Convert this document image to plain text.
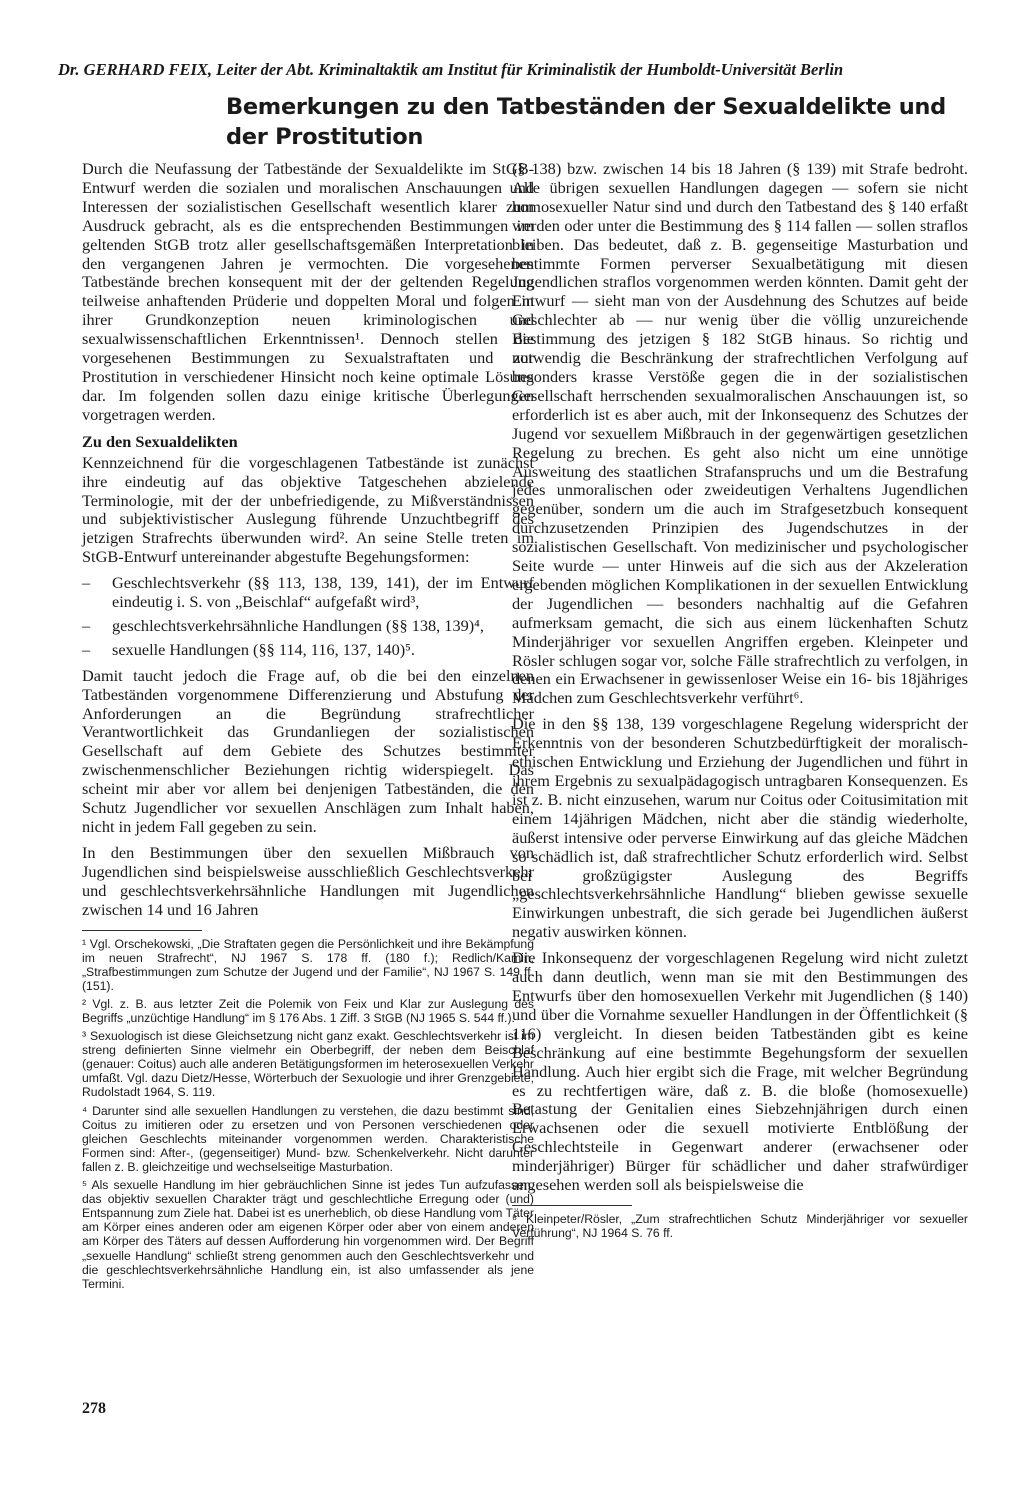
Dr. GERHARD FEIX, Leiter der Abt. Kriminaltaktik am Institut für Kriminalistik der Humboldt-Universität Berlin
Bemerkungen zu den Tatbeständen der Sexualdelikte und der Prostitution

Durch die Neufassung der Tatbestände der Sexualdelikte im StGB-Entwurf werden die sozialen und moralischen Anschauungen und Interessen der sozialistischen Gesellschaft wesentlich klarer zum Ausdruck gebracht, als es die entsprechenden Bestimmungen im geltenden StGB trotz aller gesellschaftsgemäßen Interpretation in den vergangenen Jahren je vermochten. Die vorgesehenen Tatbestände brechen konsequent mit der der geltenden Regelung teilweise anhaftenden Prüderie und doppelten Moral und folgen in ihrer Grundkonzeption neuen kriminologischen und sexualwissenschaftlichen Erkenntnissen¹. Dennoch stellen die vorgesehenen Bestimmungen zu Sexualstraftaten und zur Prostitution in verschiedener Hinsicht noch keine optimale Lösung dar. Im folgenden sollen dazu einige kritische Überlegungen vorgetragen werden.

Zu den Sexualdelikten

Kennzeichnend für die vorgeschlagenen Tatbestände ist zunächst ihre eindeutig auf das objektive Tatgeschehen abzielende Terminologie, mit der der unbefriedigende, zu Mißverständnissen und subjektivistischer Auslegung führende Unzuchtbegriff des jetzigen Strafrechts überwunden wird². An seine Stelle treten im StGB-Entwurf untereinander abgestufte Begehungsformen:

– Geschlechtsverkehr (§§ 113, 138, 139, 141), der im Entwurf eindeutig i. S. von „Beischlaf“ aufgefaßt wird³,
– geschlechtsverkehrsähnliche Handlungen (§§ 138, 139)⁴,
– sexuelle Handlungen (§§ 114, 116, 137, 140)⁵.

Damit taucht jedoch die Frage auf, ob die bei den einzelnen Tatbeständen vorgenommene Differenzierung und Abstufung der Anforderungen an die Begründung strafrechtlicher Verantwortlichkeit das Grundanliegen der sozialistischen Gesellschaft auf dem Gebiete des Schutzes bestimmter zwischenmenschlicher Beziehungen richtig widerspiegelt. Das scheint mir aber vor allem bei denjenigen Tatbeständen, die den Schutz Jugendlicher vor sexuellen Anschlägen zum Inhalt haben, nicht in jedem Fall gegeben zu sein.

In den Bestimmungen über den sexuellen Mißbrauch von Jugendlichen sind beispielsweise ausschließlich Geschlechtsverkehr und geschlechtsverkehrsähnliche Handlungen mit Jugendlichen zwischen 14 und 16 Jahren

¹ Vgl. Orschekowski, „Die Straftaten gegen die Persönlichkeit und ihre Bekämpfung im neuen Strafrecht“, NJ 1967 S. 178 ff. (180 f.); Redlich/Kamin, „Strafbestimmungen zum Schutze der Jugend und der Familie“, NJ 1967 S. 149 ff. (151).

² Vgl. z. B. aus letzter Zeit die Polemik von Feix und Klar zur Auslegung des Begriffs „unzüchtige Handlung“ im § 176 Abs. 1 Ziff. 3 StGB (NJ 1965 S. 544 ff.).

³ Sexuologisch ist diese Gleichsetzung nicht ganz exakt. Geschlechtsverkehr ist im streng definierten Sinne vielmehr ein Oberbegriff, der neben dem Beischlaf (genauer: Coitus) auch alle anderen Betätigungsformen im heterosexuellen Verkehr umfaßt. Vgl. dazu Dietz/Hesse, Wörterbuch der Sexuologie und ihrer Grenzgebiete, Rudolstadt 1964, S. 119.

⁴ Darunter sind alle sexuellen Handlungen zu verstehen, die dazu bestimmt sind, Coitus zu imitieren oder zu ersetzen und von Personen verschiedenen oder gleichen Geschlechts miteinander vorgenommen werden. Charakteristische Formen sind: After-, (gegenseitiger) Mund- bzw. Schenkelverkehr. Nicht darunter fallen z. B. gleichzeitige und wechselseitige Masturbation.

⁵ Als sexuelle Handlung im hier gebräuchlichen Sinne ist jedes Tun aufzufassen, das objektiv sexuellen Charakter trägt und geschlechtliche Erregung oder (und) Entspannung zum Ziele hat. Dabei ist es unerheblich, ob diese Handlung vom Täter am Körper eines anderen oder am eigenen Körper oder aber von einem anderen am Körper des Täters auf dessen Aufforderung hin vorgenommen wird. Der Begriff „sexuelle Handlung“ schließt streng genommen auch den Geschlechtsverkehr und die geschlechtsverkehrsähnliche Handlung ein, ist also umfassender als jene Termini.

(§ 138) bzw. zwischen 14 bis 18 Jahren (§ 139) mit Strafe bedroht. Alle übrigen sexuellen Handlungen dagegen — sofern sie nicht homosexueller Natur sind und durch den Tatbestand des § 140 erfaßt werden oder unter die Bestimmung des § 114 fallen — sollen straflos bleiben. Das bedeutet, daß z. B. gegenseitige Masturbation und bestimmte Formen perverser Sexualbetätigung mit diesen Jugendlichen straflos vorgenommen werden könnten. Damit geht der Entwurf — sieht man von der Ausdehnung des Schutzes auf beide Geschlechter ab — nur wenig über die völlig unzureichende Bestimmung des jetzigen § 182 StGB hinaus. So richtig und notwendig die Beschränkung der strafrechtlichen Verfolgung auf besonders krasse Verstöße gegen die in der sozialistischen Gesellschaft herrschenden sexualmoralischen Anschauungen ist, so erforderlich ist es aber auch, mit der Inkonsequenz des Schutzes der Jugend vor sexuellem Mißbrauch in der gegenwärtigen gesetzlichen Regelung zu brechen. Es geht also nicht um eine unnötige Ausweitung des staatlichen Strafanspruchs und um die Bestrafung jedes unmoralischen oder zweideutigen Verhaltens Jugendlichen gegenüber, sondern um die auch im Strafgesetzbuch konsequent durchzusetzenden Prinzipien des Jugendschutzes in der sozialistischen Gesellschaft. Von medizinischer und psychologischer Seite wurde — unter Hinweis auf die sich aus der Akzeleration ergebenden möglichen Komplikationen in der sexuellen Entwicklung der Jugendlichen — besonders nachhaltig auf die Gefahren aufmerksam gemacht, die sich aus einem lückenhaften Schutz Minderjähriger vor sexuellen Angriffen ergeben. Kleinpeter und Rösler schlugen sogar vor, solche Fälle strafrechtlich zu verfolgen, in denen ein Erwachsener in gewissenloser Weise ein 16- bis 18jähriges Mädchen zum Geschlechtsverkehr verführt⁶.

Die in den §§ 138, 139 vorgeschlagene Regelung widerspricht der Erkenntnis von der besonderen Schutzbedürftigkeit der moralisch-ethischen Entwicklung und Erziehung der Jugendlichen und führt in ihrem Ergebnis zu sexualpädagogisch untragbaren Konsequenzen. Es ist z. B. nicht einzusehen, warum nur Coitus oder Coitusimitation mit einem 14jährigen Mädchen, nicht aber die ständig wiederholte, äußerst intensive oder perverse Einwirkung auf das gleiche Mädchen so schädlich ist, daß strafrechtlicher Schutz erforderlich wird. Selbst bei großzügigster Auslegung des Begriffs „geschlechtsverkehrsähnliche Handlung“ blieben gewisse sexuelle Einwirkungen unbestraft, die sich gerade bei Jugendlichen äußerst negativ auswirken können.

Die Inkonsequenz der vorgeschlagenen Regelung wird nicht zuletzt auch dann deutlich, wenn man sie mit den Bestimmungen des Entwurfs über den homosexuellen Verkehr mit Jugendlichen (§ 140) und über die Vornahme sexueller Handlungen in der Öffentlichkeit (§ 116) vergleicht. In diesen beiden Tatbeständen gibt es keine Beschränkung auf eine bestimmte Begehungsform der sexuellen Handlung. Auch hier ergibt sich die Frage, mit welcher Begründung es zu rechtfertigen wäre, daß z. B. die bloße (homosexuelle) Betastung der Genitalien eines Siebzehnjährigen durch einen Erwachsenen oder die sexuell motivierte Entblößung der Geschlechtsteile in Gegenwart anderer (erwachsener oder minderjähriger) Bürger für schädlicher und daher strafwürdiger angesehen werden soll als beispielsweise die

⁶ Kleinpeter/Rösler, „Zum strafrechtlichen Schutz Minderjähriger vor sexueller Verführung“, NJ 1964 S. 76 ff.

278
